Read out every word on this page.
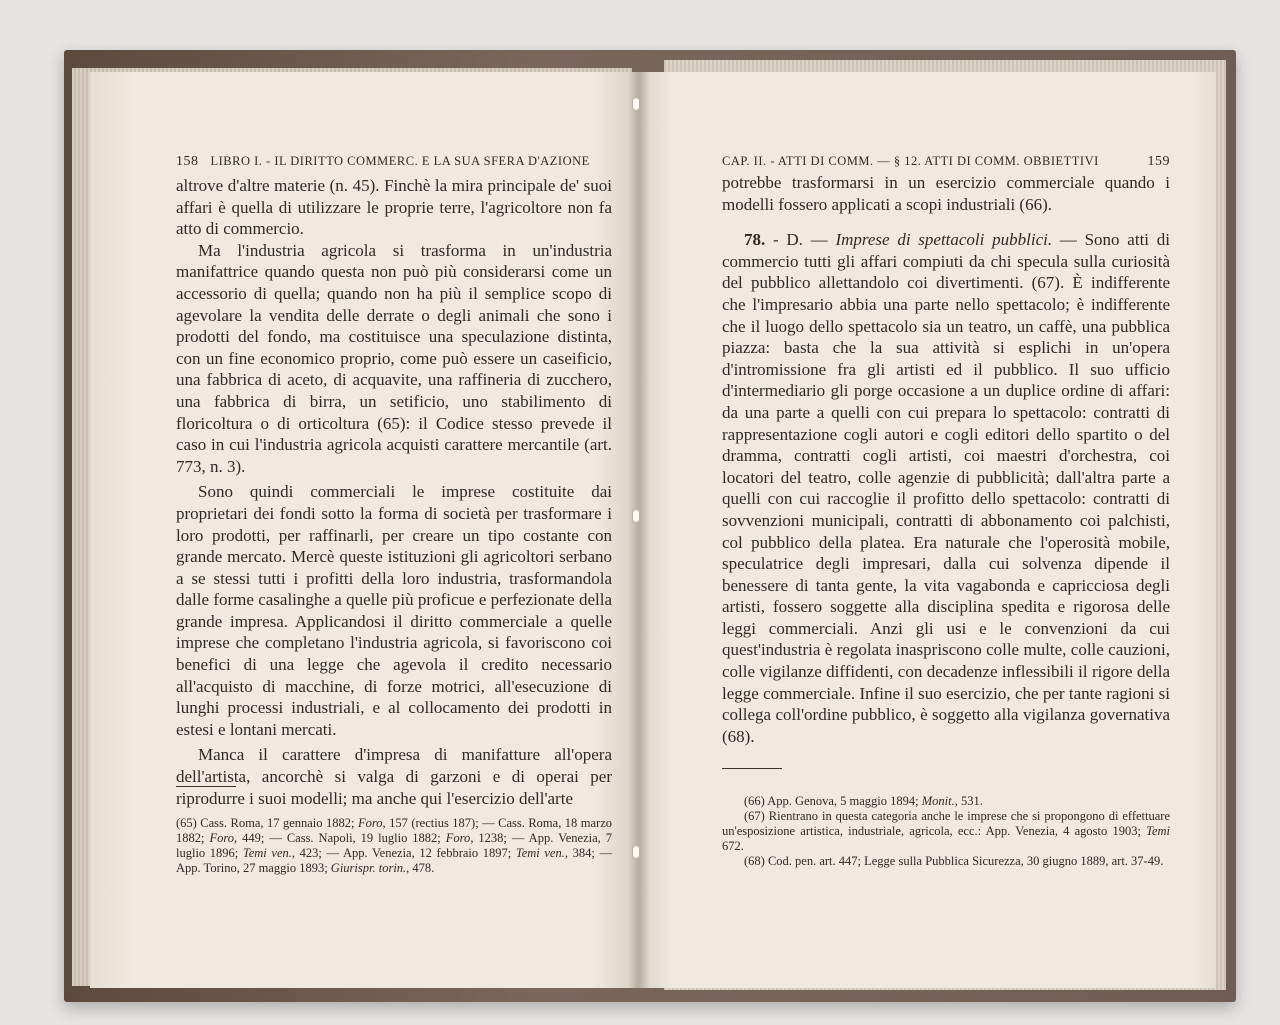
158 LIBRO I. - IL DIRITTO COMMERC. E LA SUA SFERA D'AZIONE

altrove d'altre materie (n. 45). Finchè la mira principale de' suoi affari è quella di utilizzare le proprie terre, l'agricoltore non fa atto di commercio.

Ma l'industria agricola si trasforma in un'industria manifattrice quando questa non può più considerarsi come un accessorio di quella; quando non ha più il semplice scopo di agevolare la vendita delle derrate o degli animali che sono i prodotti del fondo, ma costituisce una speculazione distinta, con un fine economico proprio, come può essere un caseificio, una fabbrica di aceto, di acquavite, una raffineria di zucchero, una fabbrica di birra, un setificio, uno stabilimento di floricoltura o di orticoltura (65): il Codice stesso prevede il caso in cui l'industria agricola acquisti carattere mercantile (art. 773, n. 3).

Sono quindi commerciali le imprese costituite dai proprietari dei fondi sotto la forma di società per trasformare i loro prodotti, per raffinarli, per creare un tipo costante con grande mercato. Mercè queste istituzioni gli agricoltori serbano a se stessi tutti i profitti della loro industria, trasformandola dalle forme casalinghe a quelle più proficue e perfezionate della grande impresa. Applicandosi il diritto commerciale a quelle imprese che completano l'industria agricola, si favoriscono coi benefici di una legge che agevola il credito necessario all'acquisto di macchine, di forze motrici, all'esecuzione di lunghi processi industriali, e al collocamento dei prodotti in estesi e lontani mercati.

Manca il carattere d'impresa di manifatture all'opera dell'artista, ancorchè si valga di garzoni e di operai per riprodurre i suoi modelli; ma anche qui l'esercizio dell'arte

(65) Cass. Roma, 17 gennaio 1882; Foro, 157 (rectius 187); — Cass. Roma, 18 marzo 1882; Foro, 449; — Cass. Napoli, 19 luglio 1882; Foro, 1238; — App. Venezia, 7 luglio 1896; Temi ven., 423; — App. Venezia, 12 febbraio 1897; Temi ven., 384; — App. Torino, 27 maggio 1893; Giurispr. torin., 478.

CAP. II. - ATTI DI COMM. — § 12. ATTI DI COMM. OBBIETTIVI	159

potrebbe trasformarsi in un esercizio commerciale quando i modelli fossero applicati a scopi industriali (66).

78. - D. — Imprese di spettacoli pubblici. — Sono atti di commercio tutti gli affari compiuti da chi specula sulla curiosità del pubblico allettandolo coi divertimenti. (67). È indifferente che l'impresario abbia una parte nello spettacolo; è indifferente che il luogo dello spettacolo sia un teatro, un caffè, una pubblica piazza: basta che la sua attività si esplichi in un'opera d'intromissione fra gli artisti ed il pubblico. Il suo ufficio d'intermediario gli porge occasione a un duplice ordine di affari: da una parte a quelli con cui prepara lo spettacolo: contratti di rappresentazione cogli autori e cogli editori dello spartito o del dramma, contratti cogli artisti, coi maestri d'orchestra, coi locatori del teatro, colle agenzie di pubblicità; dall'altra parte a quelli con cui raccoglie il profitto dello spettacolo: contratti di sovvenzioni municipali, contratti di abbonamento coi palchisti, col pubblico della platea. Era naturale che l'operosità mobile, speculatrice degli impresari, dalla cui solvenza dipende il benessere di tanta gente, la vita vagabonda e capricciosa degli artisti, fossero soggette alla disciplina spedita e rigorosa delle leggi commerciali. Anzi gli usi e le convenzioni da cui quest'industria è regolata inaspriscono colle multe, colle cauzioni, colle vigilanze diffidenti, con decadenze inflessibili il rigore della legge commerciale. Infine il suo esercizio, che per tante ragioni si collega coll'ordine pubblico, è soggetto alla vigilanza governativa (68).

(66) App. Genova, 5 maggio 1894; Monit., 531.

(67) Rientrano in questa categoria anche le imprese che si propongono di effettuare un'esposizione artistica, industriale, agricola, ecc.: App. Venezia, 4 agosto 1903; Temi 672.

(68) Cod. pen. art. 447; Legge sulla Pubblica Sicurezza, 30 giugno 1889, art. 37-49.
